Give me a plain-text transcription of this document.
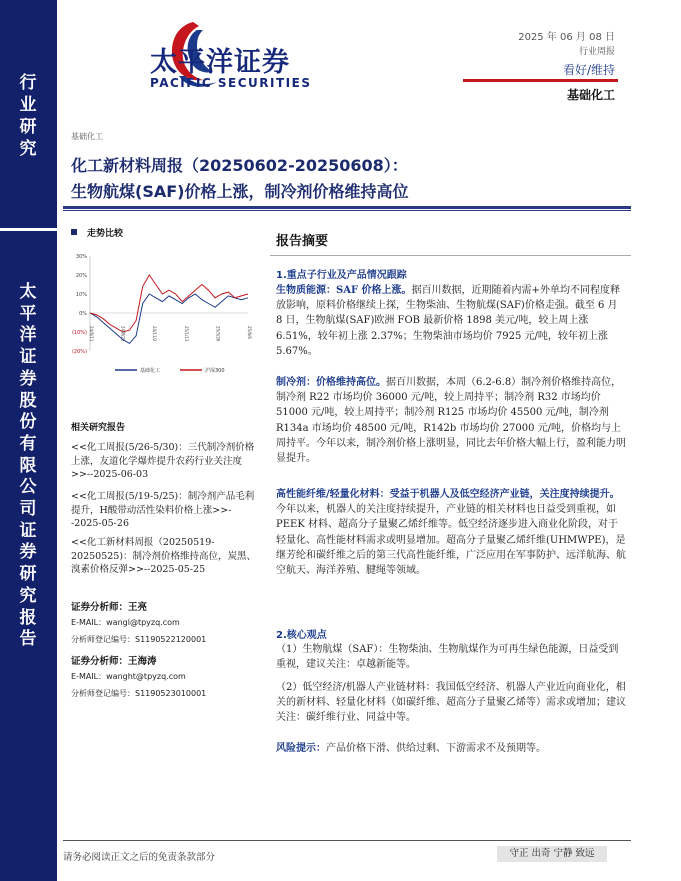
行业研究
太平洋证券股份有限公司证券研究报告
太平洋证券
PACIFIC SECURITIES
2025 年 06 月 08 日
行业周报
看好/维持
基础化工
基础化工
化工新材料周报（20250602-20250608）：
生物航煤(SAF)价格上涨，制冷剂价格维持高位
走势比较
30%
20%
10%
0%
(10%)
(20%)
24/6/11	24/8/22	24/11/2	25/1/13	25/3/26	25/6/6
基础化工	沪深300
相关研究报告
<<化工周报(5/26-5/30)：三代制冷剂价格上涨，友道化学爆炸提升农药行业关注度>>--2025-06-03
<<化工周报(5/19-5/25)：制冷剂产品毛利提升，H酸带动活性染料价格上涨>>--2025-05-26
<<化工新材料周报（20250519-20250525)：制冷剂价格维持高位，炭黑、溴素价格反弹>>--2025-05-25
证券分析师：王亮
E-MAIL：wangl@tpyzq.com
分析师登记编号：S1190522120001
证券分析师：王海涛
E-MAIL：wanght@tpyzq.com
分析师登记编号：S1190523010001
报告摘要
1.重点子行业及产品情况跟踪
生物质能源：SAF 价格上涨。据百川数据，近期随着内需+外单均不同程度释放影响，原料价格继续上探，生物柴油、生物航煤(SAF)价格走强。截至 6 月 8 日，生物航煤(SAF)欧洲 FOB 最新价格 1898 美元/吨，较上周上涨 6.51%，较年初上涨 2.37%；生物柴油市场均价 7925 元/吨，较年初上涨 5.67%。
制冷剂：价格维持高位。据百川数据，本周（6.2-6.8）制冷剂价格维持高位，制冷剂 R22 市场均价 36000 元/吨，较上周持平；制冷剂 R32 市场均价 51000 元/吨，较上周持平；制冷剂 R125 市场均价 45500 元/吨，制冷剂 R134a 市场均价 48500 元/吨，R142b 市场均价 27000 元/吨，价格均与上周持平。今年以来，制冷剂价格上涨明显，同比去年价格大幅上行，盈利能力明显提升。
高性能纤维/轻量化材料：受益于机器人及低空经济产业链，关注度持续提升。今年以来，机器人的关注度持续提升，产业链的相关材料也日益受到重视，如 PEEK 材料、超高分子量聚乙烯纤维等。低空经济逐步进入商业化阶段，对于轻量化、高性能材料需求或明显增加。超高分子量聚乙烯纤维(UHMWPE)，是继芳纶和碳纤维之后的第三代高性能纤维，广泛应用在军事防护、远洋航海、航空航天、海洋养殖、腱绳等领域。
2.核心观点
（1）生物航煤（SAF）：生物柴油、生物航煤作为可再生绿色能源，日益受到重视，建议关注：卓越新能等。
（2）低空经济/机器人产业链材料：我国低空经济、机器人产业近向商业化，相关的新材料、轻量化材料（如碳纤维、超高分子量聚乙烯等）需求或增加；建议关注：碳纤维行业、同益中等。
风险提示：产品价格下滑、供给过剩、下游需求不及预期等。
请务必阅读正文之后的免责条款部分	守正 出奇 宁静 致远
